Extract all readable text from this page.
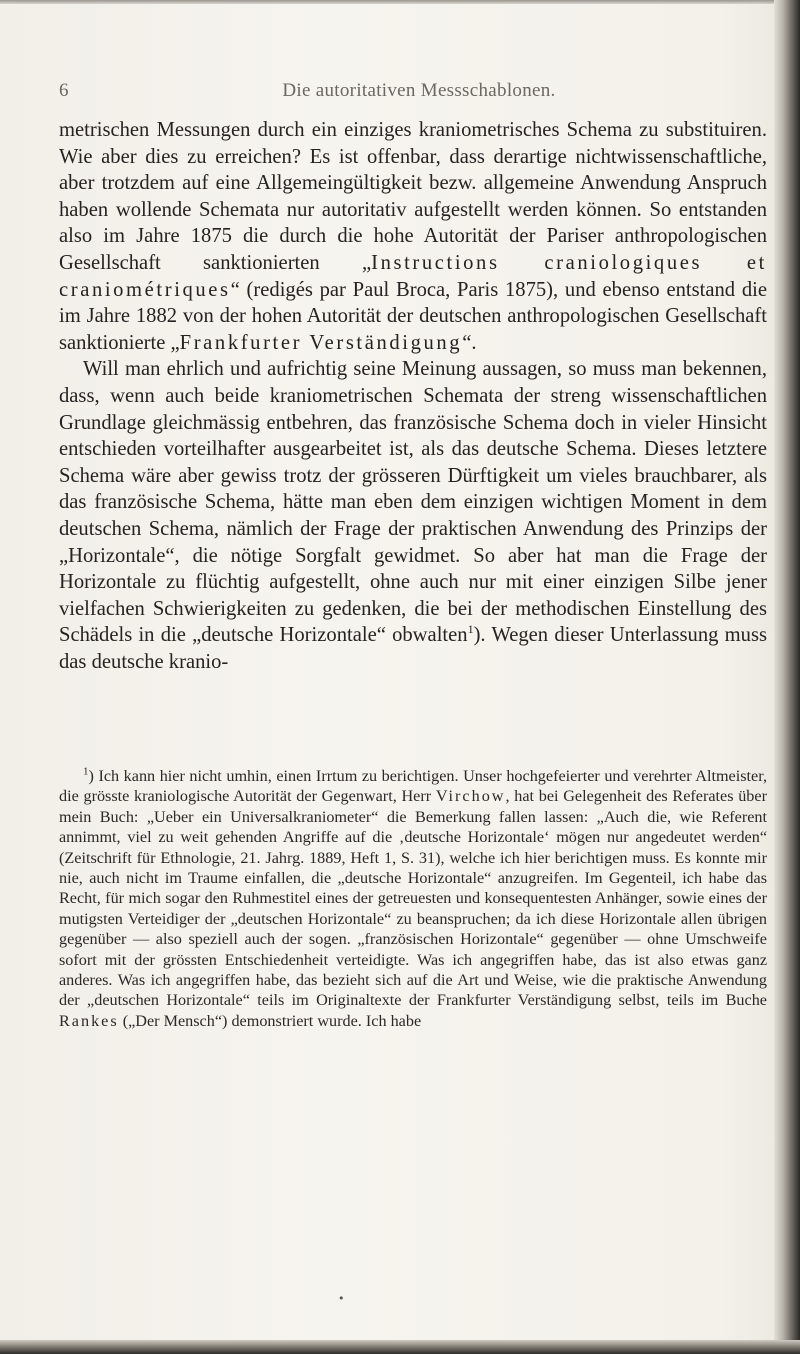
6	Die autoritativen Messschablonen.

metrischen Messungen durch ein einziges kraniometrisches Schema zu substituiren. Wie aber dies zu erreichen? Es ist offenbar, dass derartige nichtwissenschaftliche, aber trotzdem auf eine Allgemeingültigkeit bezw. allgemeine Anwendung Anspruch haben wollende Schemata nur autoritativ aufgestellt werden können. So entstanden also im Jahre 1875 die durch die hohe Autorität der Pariser anthropologischen Gesellschaft sanktionierten „Instructions craniologiques et craniométriques“ (redigés par Paul Broca, Paris 1875), und ebenso entstand die im Jahre 1882 von der hohen Autorität der deutschen anthropologischen Gesellschaft sanktionierte „Frankfurter Verständigung“.

Will man ehrlich und aufrichtig seine Meinung aussagen, so muss man bekennen, dass, wenn auch beide kraniometrischen Schemata der streng wissenschaftlichen Grundlage gleichmässig entbehren, das französische Schema doch in vieler Hinsicht entschieden vorteilhafter ausgearbeitet ist, als das deutsche Schema. Dieses letztere Schema wäre aber gewiss trotz der grösseren Dürftigkeit um vieles brauchbarer, als das französische Schema, hätte man eben dem einzigen wichtigen Moment in dem deutschen Schema, nämlich der Frage der praktischen Anwendung des Prinzips der „Horizontale“, die nötige Sorgfalt gewidmet. So aber hat man die Frage der Horizontale zu flüchtig aufgestellt, ohne auch nur mit einer einzigen Silbe jener vielfachen Schwierigkeiten zu gedenken, die bei der methodischen Einstellung des Schädels in die „deutsche Horizontale“ obwalten$^1$). Wegen dieser Unterlassung muss das deutsche kranio-

$^1$) Ich kann hier nicht umhin, einen Irrtum zu berichtigen. Unser hochgefeierter und verehrter Altmeister, die grösste kraniologische Autorität der Gegenwart, Herr Virchow, hat bei Gelegenheit des Referates über mein Buch: „Ueber ein Universalkraniometer“ die Bemerkung fallen lassen: „Auch die, wie Referent annimmt, viel zu weit gehenden Angriffe auf die ‚deutsche Horizontale‘ mögen nur angedeutet werden“ (Zeitschrift für Ethnologie, 21. Jahrg. 1889, Heft 1, S. 31), welche ich hier berichtigen muss. Es konnte mir nie, auch nicht im Traume einfallen, die „deutsche Horizontale“ anzugreifen. Im Gegenteil, ich habe das Recht, für mich sogar den Ruhmestitel eines der getreuesten und konsequentesten Anhänger, sowie eines der mutigsten Verteidiger der „deutschen Horizontale“ zu beanspruchen; da ich diese Horizontale allen übrigen gegenüber — also speziell auch der sogen. „französischen Horizontale“ gegenüber — ohne Umschweife sofort mit der grössten Entschiedenheit verteidigte. Was ich angegriffen habe, das ist also etwas ganz anderes. Was ich angegriffen habe, das bezieht sich auf die Art und Weise, wie die praktische Anwendung der „deutschen Horizontale“ teils im Originaltexte der Frankfurter Verständigung selbst, teils im Buche Rankes („Der Mensch“) demonstriert wurde. Ich habe

•
